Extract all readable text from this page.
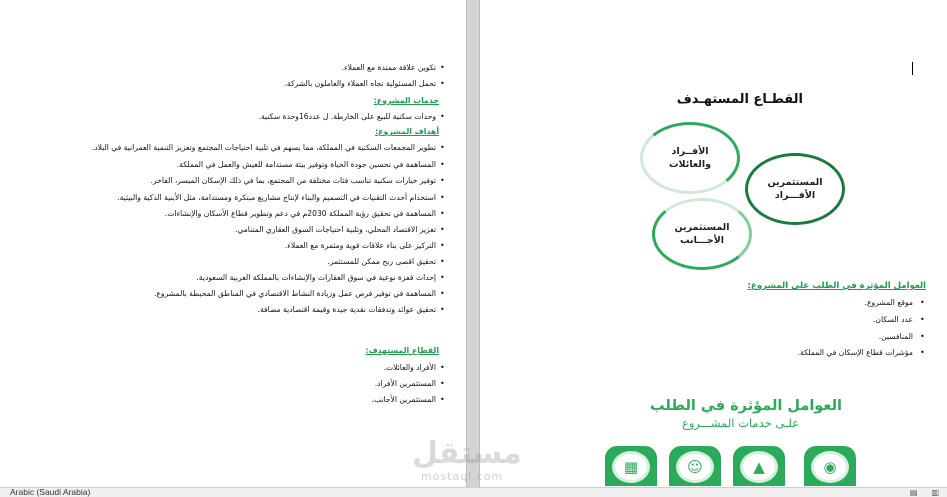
تكوين علاقة ممتدة مع العملاء. •
تحمل المسئولية تجاه العملاء والعاملون بالشركة. •
خدمات المشروع:
وحدات سكنية للبيع على الخارطة. ل عدد16وحدة سكنية. •
أهداف المشروع:
تطوير المجمعات السكنية في المملكة، مما يسهم في تلبية احتياجات المجتمع وتعزيز التنمية العمرانية في البلاد. •
المساهمة في تحسين جودة الحياة وتوفير بيئة مستدامة للعيش والعمل في المملكة. •
توفير خيارات سكنية تناسب فئات مختلفة من المجتمع، بما في ذلك الإسكان الميسر، الفاخر. •
استخدام أحدث التقنيات في التصميم والبناء لإنتاج مشاريع مبتكرة ومستدامة، مثل الأبنية الذكية والبيئية. •
المساهمة في تحقيق رؤية المملكة 2030م في دعم وتطوير قطاع الأسكان والإنشاءات. •
تعزيز الاقتصاد المحلي، وتلبية احتياجات السوق العقاري المتنامي. •
التركيز على بناء علاقات قوية ومثمرة مع العملاء. •
تحقيق اقصى ربح ممكن للمستثمر. •
إحداث قفزة نوعية في سوق العقارات والإنشاءات بالمملكة العربية السعودية. •
المساهمة في توفير فرص عمل وزيادة النشاط الاقتصادي في المناطق المحيطة بالمشروع. •
تحقيق عوائد وتدفقات نقدية جيدة وقيمة اقتصادية مضافة. •
القطاع المستهدف:
الأفراد والعائلات. •
المستثمرين الأفراد. •
المستثمرين الأجانب. •
القطـاع المستهـدف
الأفــراد
والعائلات
المستثمرين
الأفـــراد
المستثمرين
الأجـــانب
العوامل المؤثرة في الطلب على المشروع:
موقع المشروع. •
عدد السكان. •
المنافسين. •
مؤشرات قطاع الإسكان في المملكة. •
العوامل المؤثرة في الطلب
علـى خدمات المشـــروع
▦	☺	▲	◉
مستقل
mostaql.com
Arabic (Saudi Arabia)	▤ ▥
